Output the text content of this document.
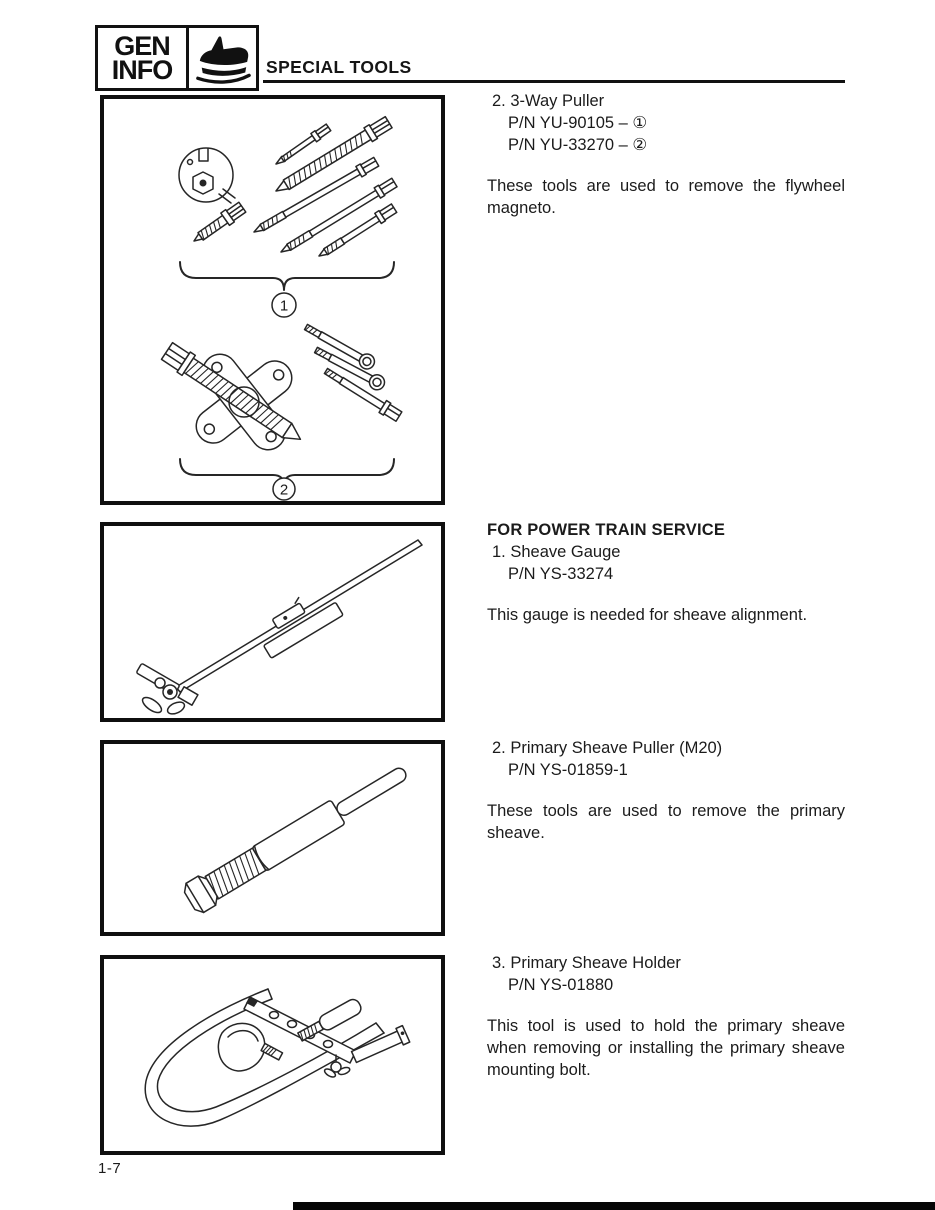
GEN
INFO	SPECIAL TOOLS
1
2
2. 3-Way Puller
P/N YU-90105 – ①
P/N YU-33270 – ②
These tools are used to remove the flywheel magneto.
FOR POWER TRAIN SERVICE
1. Sheave Gauge
P/N YS-33274
This gauge is needed for sheave alignment.
2. Primary Sheave Puller (M20)
P/N YS-01859-1
These tools are used to remove the primary sheave.
3. Primary Sheave Holder
P/N YS-01880
This tool is used to hold the primary sheave when removing or installing the primary sheave mounting bolt.
1-7
